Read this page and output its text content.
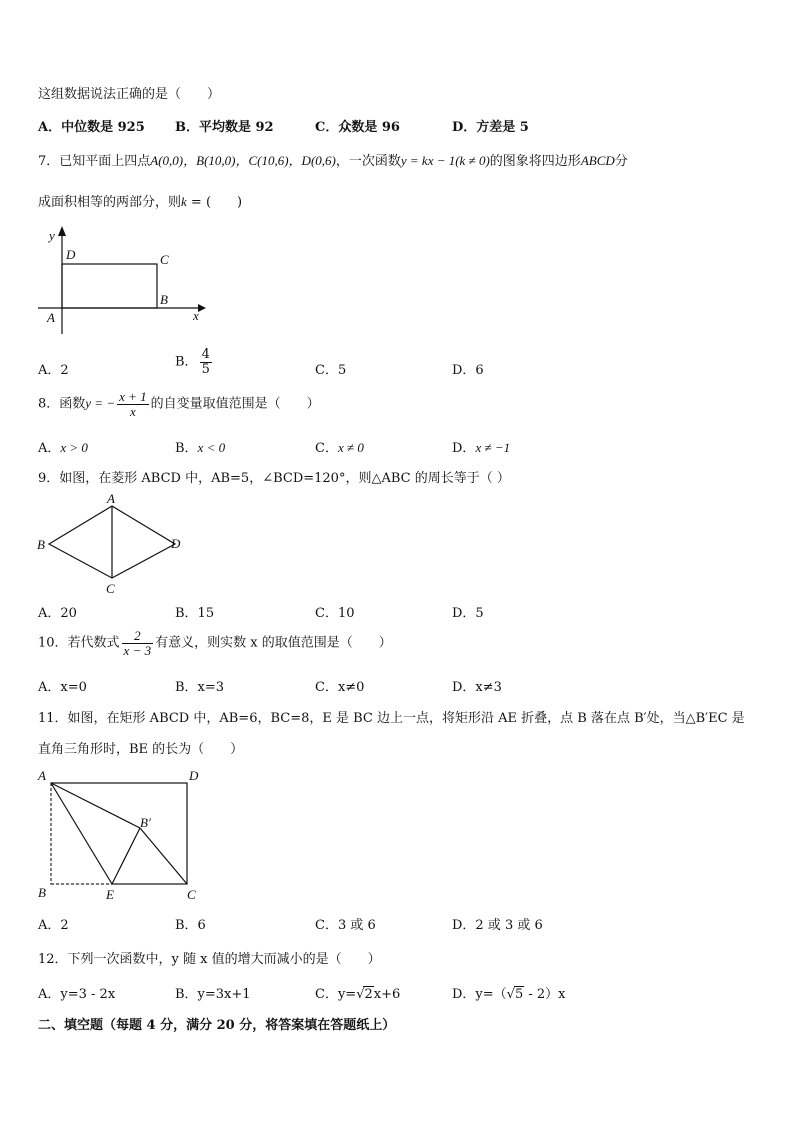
这组数据说法正确的是（　　）
A．中位数是 925 B．平均数是 92	C．众数是 96	D．方差是 5
7．已知平面上四点A(0,0)，B(10,0)，C(10,6)，D(0,6)，一次函数y = kx − 1(k ≠ 0)的图象将四边形ABCD分
成面积相等的两部分，则k = (　　)
y
x
A
B
C
D
A．2
B． $\frac{4}{5}$	C．5	D．6
8．函数y = − $\frac{x + 1}{x}$ 的自变量取值范围是（　　）
A．x > 0	B．x < 0	C．x ≠ 0	D．x ≠ −1
9．如图，在菱形 ABCD 中，AB=5，∠BCD=120°，则△ABC 的周长等于（ ）
A
B
C
D
A．20	B．15	C．10	D．5
10．若代数式 $\frac{2}{x - 3}$ 有意义，则实数 x 的取值范围是（　　）
A．x=0	B．x=3	C．x≠0	D．x≠3
11．如图，在矩形 ABCD 中，AB=6，BC=8，E 是 BC 边上一点，将矩形沿 AE 折叠，点 B 落在点 B′处，当△B′EC 是
直角三角形时，BE 的长为（　　）
A	D
B	E	C
B′
A．2	B．6	C．3 或 6	D．2 或 3 或 6
12．下列一次函数中，y 随 x 值的增大而减小的是（　　）
A．y=3 - 2x	B．y=3x+1	C．y=√2x+6	D．y=（√5 - 2）x
二、填空题（每题 4 分，满分 20 分，将答案填在答题纸上）
